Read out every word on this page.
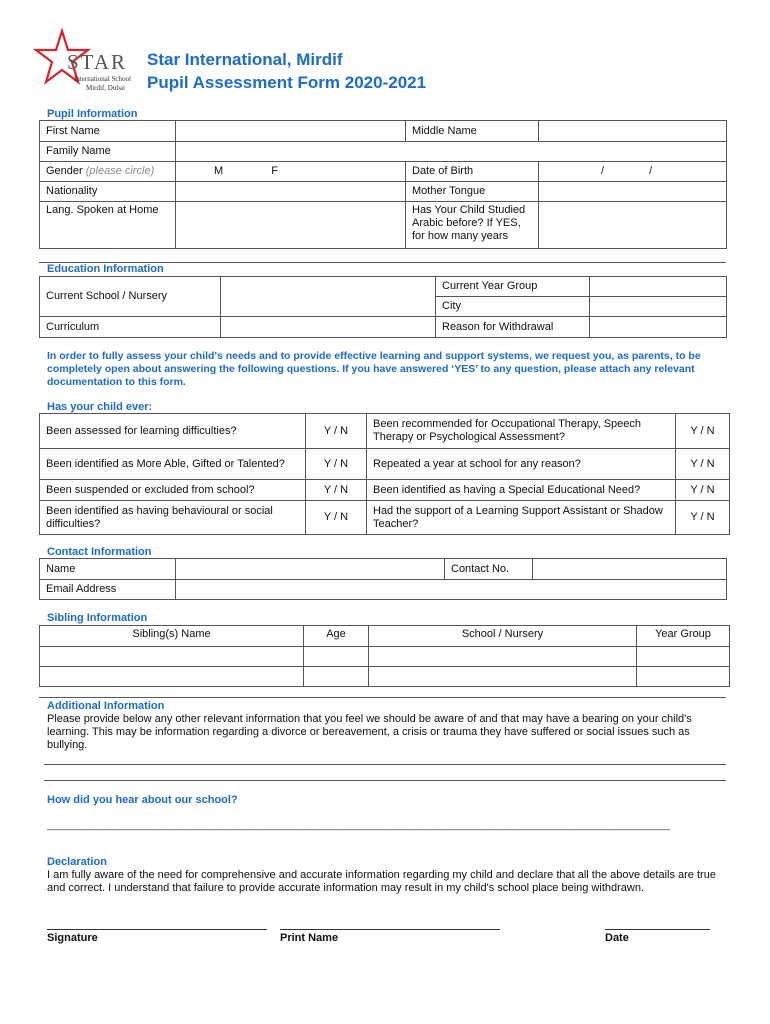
STAR
International School
Mirdif, Dubai
Star International, Mirdif
Pupil Assessment Form 2020-2021
Pupil Information
First Name		Middle Name	
Family Name			
Gender (please circle)	M F	Date of Birth	/ /
Nationality		Mother Tongue	
Lang. Spoken at Home		Has Your Child Studied Arabic before? If YES, for how many years	
Education Information
Current School / Nursery		Current Year Group	
		City	
Curriculum		Reason for Withdrawal	
In order to fully assess your child's needs and to provide effective learning and support systems, we request you, as parents, to be completely open about answering the following questions. If you have answered ‘YES’ to any question, please attach any relevant documentation to this form.
Has your child ever:
Been assessed for learning difficulties?	Y / N	Been recommended for Occupational Therapy, Speech Therapy or Psychological Assessment?	Y / N
Been identified as More Able, Gifted or Talented?	Y / N	Repeated a year at school for any reason?	Y / N
Been suspended or excluded from school?	Y / N	Been identified as having a Special Educational Need?	Y / N
Been identified as having behavioural or social difficulties?	Y / N	Had the support of a Learning Support Assistant or Shadow Teacher?	Y / N
Contact Information
Name		Contact No.	
Email Address			
Sibling Information
Sibling(s) Name	Age	School / Nursery	Year Group

Additional Information
Please provide below any other relevant information that you feel we should be aware of and that may have a bearing on your child's learning. This may be information regarding a divorce or bereavement, a crisis or trauma they have suffered or social issues such as bullying.
How did you hear about our school?
________________________________________________________________________________________________________________
Declaration
I am fully aware of the need for comprehensive and accurate information regarding my child and declare that all the above details are true and correct. I understand that failure to provide accurate information may result in my child's school place being withdrawn.
Signature	Print Name	Date
